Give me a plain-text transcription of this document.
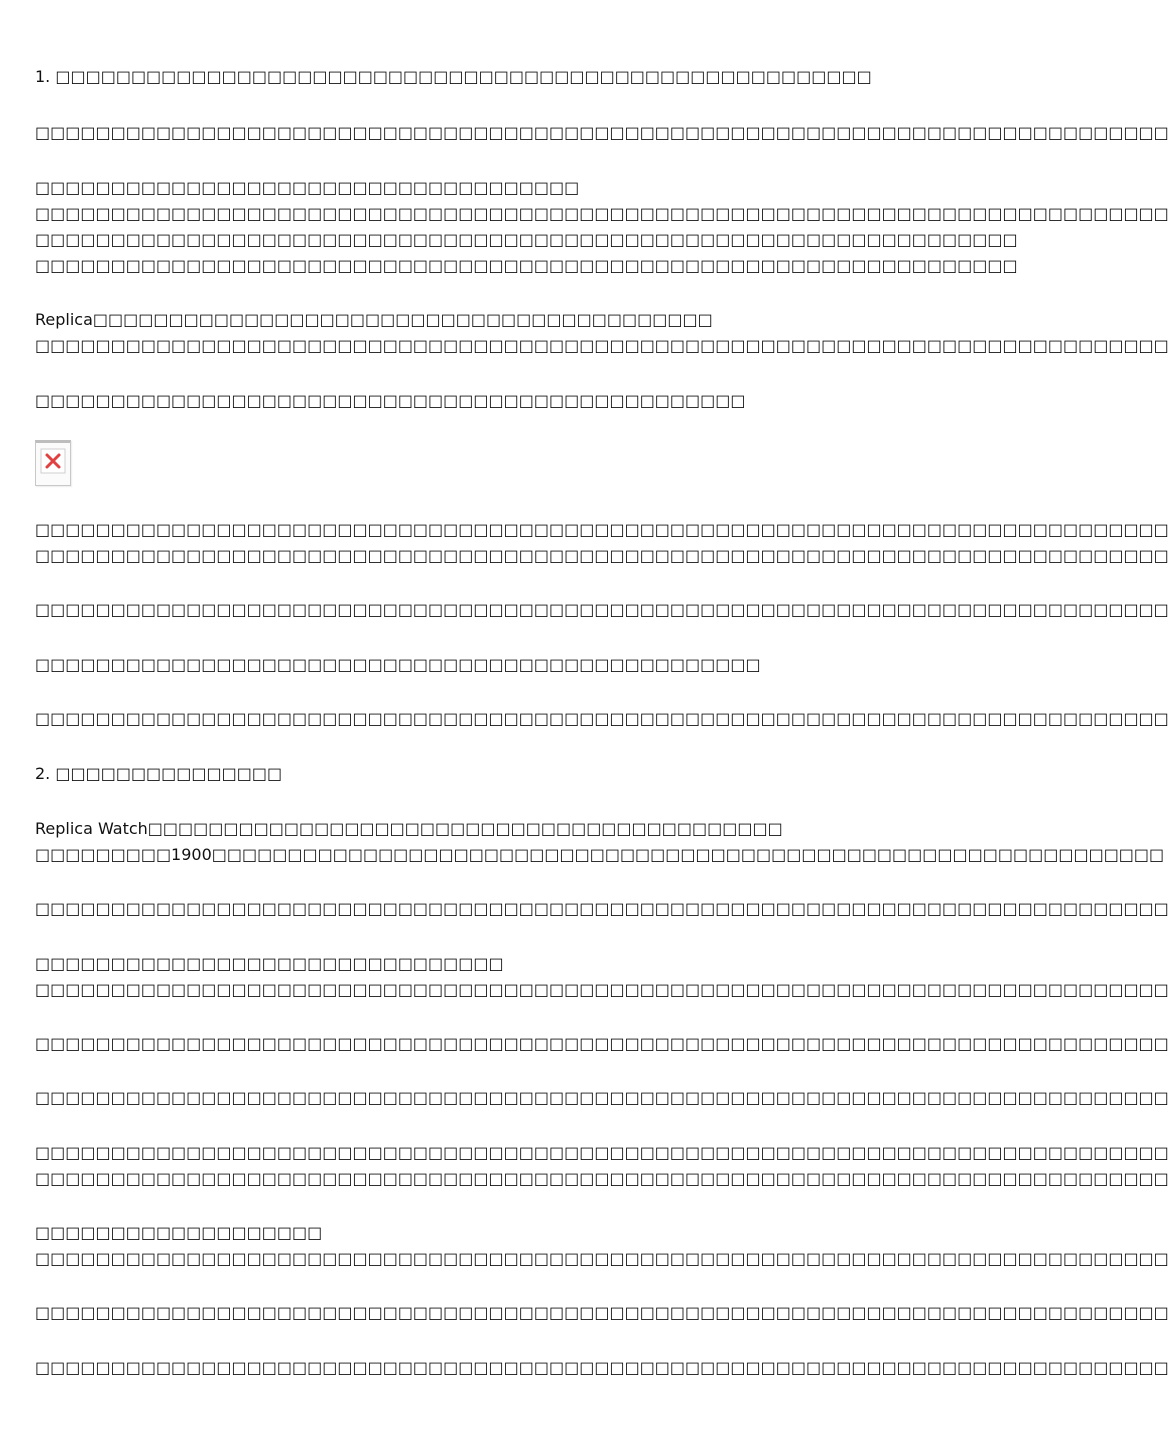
1. □□□□□□□□□□□□□□□□□□□□□□□□□□□□□□□□□□□□□□□□□□□□□□□□□□□□□□
□□□□□□□□□□□□□□□□□□□□□□□□□□□□□□□□□□□□□□□□□□□□□□□□□□□□□□□□□□□□□□□□□□□□□□□□□□□
□□□□□□□□□□□□□□□□□□□□□□□□□□□□□□□□□□□□
□□□□□□□□□□□□□□□□□□□□□□□□□□□□□□□□□□□□□□□□□□□□□□□□□□□□□□□□□□□□□□□□□□□□□□□□□□□
□□□□□□□□□□□□□□□□□□□□□□□□□□□□□□□□□□□□□□□□□□□□□□□□□□□□□□□□□□□□□□□□□
□□□□□□□□□□□□□□□□□□□□□□□□□□□□□□□□□□□□□□□□□□□□□□□□□□□□□□□□□□□□□□□□□
Replica□□□□□□□□□□□□□□□□□□□□□□□□□□□□□□□□□□□□□□□□□
□□□□□□□□□□□□□□□□□□□□□□□□□□□□□□□□□□□□□□□□□□□□□□□□□□□□□□□□□□□□□□□□□□□□□□□□□□□
□□□□□□□□□□□□□□□□□□□□□□□□□□□□□□□□□□□□□□□□□□□□□□□
□□□□□□□□□□□□□□□□□□□□□□□□□□□□□□□□□□□□□□□□□□□□□□□□□□□□□□□□□□□□□□□□□□□□□□□□□□□
□□□□□□□□□□□□□□□□□□□□□□□□□□□□□□□□□□□□□□□□□□□□□□□□□□□□□□□□□□□□□□□□□□□□□□□□□□□
□□□□□□□□□□□□□□□□□□□□□□□□□□□□□□□□□□□□□□□□□□□□□□□□□□□□□□□□□□□□□□□□□□□□□□□□□□□
□□□□□□□□□□□□□□□□□□□□□□□□□□□□□□□□□□□□□□□□□□□□□□□□
□□□□□□□□□□□□□□□□□□□□□□□□□□□□□□□□□□□□□□□□□□□□□□□□□□□□□□□□□□□□□□□□□□□□□□□□□□□
2. □□□□□□□□□□□□□□□
Replica Watch□□□□□□□□□□□□□□□□□□□□□□□□□□□□□□□□□□□□□□□□□□
□□□□□□□□□1900□□□□□□□□□□□□□□□□□□□□□□□□□□□□□□□□□□□□□□□□□□□□□□□□□□□□□□□□□□□□□□□
□□□□□□□□□□□□□□□□□□□□□□□□□□□□□□□□□□□□□□□□□□□□□□□□□□□□□□□□□□□□□□□□□□□□□□□□□□□
□□□□□□□□□□□□□□□□□□□□□□□□□□□□□□□
□□□□□□□□□□□□□□□□□□□□□□□□□□□□□□□□□□□□□□□□□□□□□□□□□□□□□□□□□□□□□□□□□□□□□□□□□□□
□□□□□□□□□□□□□□□□□□□□□□□□□□□□□□□□□□□□□□□□□□□□□□□□□□□□□□□□□□□□□□□□□□□□□□□□□□□
□□□□□□□□□□□□□□□□□□□□□□□□□□□□□□□□□□□□□□□□□□□□□□□□□□□□□□□□□□□□□□□□□□□□□□□□□□□
□□□□□□□□□□□□□□□□□□□□□□□□□□□□□□□□□□□□□□□□□□□□□□□□□□□□□□□□□□□□□□□□□□□□□□□□□□□
□□□□□□□□□□□□□□□□□□□□□□□□□□□□□□□□□□□□□□□□□□□□□□□□□□□□□□□□□□□□□□□□□□□□□□□□□□□
□□□□□□□□□□□□□□□□□□□
□□□□□□□□□□□□□□□□□□□□□□□□□□□□□□□□□□□□□□□□□□□□□□□□□□□□□□□□□□□□□□□□□□□□□□□□□□□
□□□□□□□□□□□□□□□□□□□□□□□□□□□□□□□□□□□□□□□□□□□□□□□□□□□□□□□□□□□□□□□□□□□□□□□□□□□
□□□□□□□□□□□□□□□□□□□□□□□□□□□□□□□□□□□□□□□□□□□□□□□□□□□□□□□□□□□□□□□□□□□□□□□□□□□
